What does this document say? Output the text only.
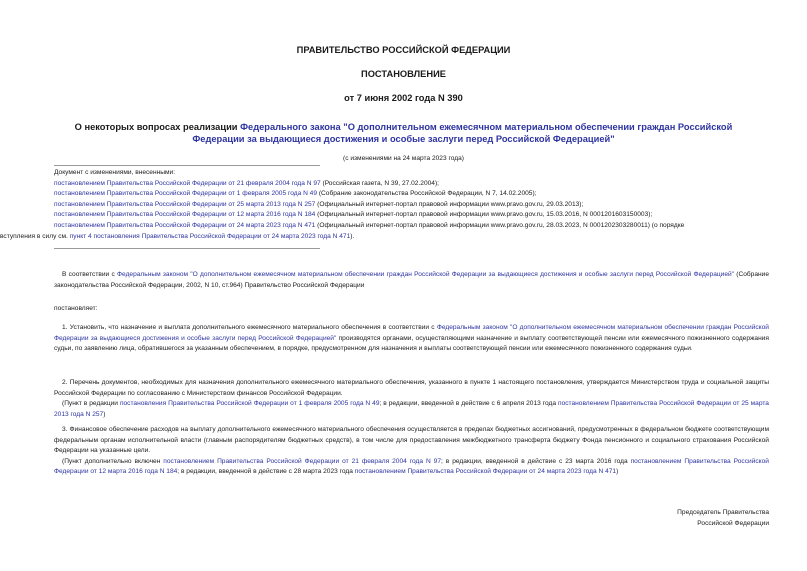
ПРАВИТЕЛЬСТВО РОССИЙСКОЙ ФЕДЕРАЦИИ
ПОСТАНОВЛЕНИЕ
от 7 июня 2002 года N 390
О некоторых вопросах реализации Федерального закона "О дополнительном ежемесячном материальном обеспечении граждан Российской Федерации за выдающиеся достижения и особые заслуги перед Российской Федерацией"
(с изменениями на 24 марта 2023 года)
Документ с изменениями, внесенными:
постановлением Правительства Российской Федерации от 21 февраля 2004 года N 97 (Российская газета, N 39, 27.02.2004);
постановлением Правительства Российской Федерации от 1 февраля 2005 года N 49 (Собрание законодательства Российской Федерации, N 7, 14.02.2005);
постановлением Правительства Российской Федерации от 25 марта 2013 года N 257 (Официальный интернет-портал правовой информации www.pravo.gov.ru, 29.03.2013);
постановлением Правительства Российской Федерации от 12 марта 2016 года N 184 (Официальный интернет-портал правовой информации www.pravo.gov.ru, 15.03.2016, N 0001201603150003);
постановлением Правительства Российской Федерации от 24 марта 2023 года N 471 (Официальный интернет-портал правовой информации www.pravo.gov.ru, 28.03.2023, N 0001202303280011) (о порядке
вступления в силу см. пункт 4 постановления Правительства Российской Федерации от 24 марта 2023 года N 471).
В соответствии с Федеральным законом "О дополнительном ежемесячном материальном обеспечении граждан Российской Федерации за выдающиеся достижения и особые заслуги перед Российской Федерацией" (Собрание законодательства Российской Федерации, 2002, N 10, ст.964) Правительство Российской Федерации
постановляет:
1. Установить, что назначение и выплата дополнительного ежемесячного материального обеспечения в соответствии с Федеральным законом "О дополнительном ежемесячном материальном обеспечении граждан Российской Федерации за выдающиеся достижения и особые заслуги перед Российской Федерацией" производятся органами, осуществляющими назначение и выплату соответствующей пенсии или ежемесячного пожизненного содержания судьи, по заявлению лица, обратившегося за указанным обеспечением, в порядке, предусмотренном для назначения и выплаты соответствующей пенсии или ежемесячного пожизненного содержания судьи.
2. Перечень документов, необходимых для назначения дополнительного ежемесячного материального обеспечения, указанного в пункте 1 настоящего постановления, утверждается Министерством труда и социальной защиты Российской Федерации по согласованию с Министерством финансов Российской Федерации.
(Пункт в редакции постановления Правительства Российской Федерации от 1 февраля 2005 года N 49; в редакции, введенной в действие с 6 апреля 2013 года постановлением Правительства Российской Федерации от 25 марта 2013 года N 257)
3. Финансовое обеспечение расходов на выплату дополнительного ежемесячного материального обеспечения осуществляется в пределах бюджетных ассигнований, предусмотренных в федеральном бюджете соответствующим федеральным органам исполнительной власти (главным распорядителям бюджетных средств), в том числе для предоставления межбюджетного трансферта бюджету Фонда пенсионного и социального страхования Российской Федерации на указанные цели.
(Пункт дополнительно включен постановлением Правительства Российской Федерации от 21 февраля 2004 года N 97; в редакции, введенной в действие с 23 марта 2016 года постановлением Правительства Российской Федерации от 12 марта 2016 года N 184; в редакции, введенной в действие с 28 марта 2023 года постановлением Правительства Российской Федерации от 24 марта 2023 года N 471)
Председатель Правительства
Российской Федерации
